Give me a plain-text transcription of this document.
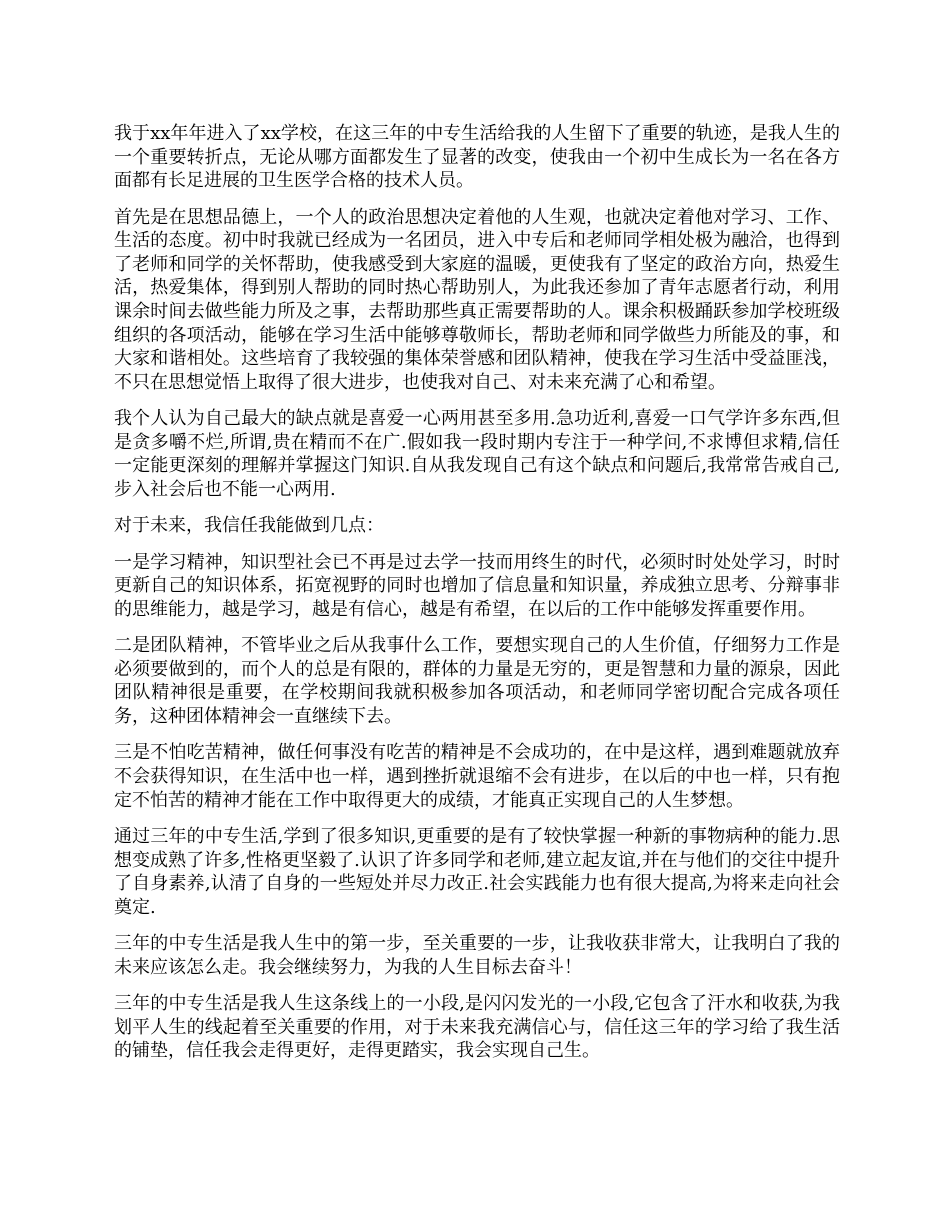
我于xx年年进入了xx学校，在这三年的中专生活给我的人生留下了重要的轨迹，是我人生的一个重要转折点，无论从哪方面都发生了显著的改变，使我由一个初中生成长为一名在各方面都有长足进展的卫生医学合格的技术人员。

首先是在思想品德上，一个人的政治思想决定着他的人生观，也就决定着他对学习、工作、生活的态度。初中时我就已经成为一名团员，进入中专后和老师同学相处极为融洽，也得到了老师和同学的关怀帮助，使我感受到大家庭的温暖，更使我有了坚定的政治方向，热爱生活，热爱集体，得到别人帮助的同时热心帮助别人，为此我还参加了青年志愿者行动，利用课余时间去做些能力所及之事，去帮助那些真正需要帮助的人。课余积极踊跃参加学校班级组织的各项活动，能够在学习生活中能够尊敬师长，帮助老师和同学做些力所能及的事，和大家和谐相处。这些培育了我较强的集体荣誉感和团队精神，使我在学习生活中受益匪浅，不只在思想觉悟上取得了很大进步，也使我对自己、对未来充满了心和希望。

我个人认为自己最大的缺点就是喜爱一心两用甚至多用.急功近利,喜爱一口气学许多东西,但是贪多嚼不烂,所谓,贵在精而不在广.假如我一段时期内专注于一种学问,不求博但求精,信任一定能更深刻的理解并掌握这门知识.自从我发现自己有这个缺点和问题后,我常常告戒自己,步入社会后也不能一心两用.

对于未来，我信任我能做到几点：

一是学习精神，知识型社会已不再是过去学一技而用终生的时代，必须时时处处学习，时时更新自己的知识体系，拓宽视野的同时也增加了信息量和知识量，养成独立思考、分辩事非的思维能力，越是学习，越是有信心，越是有希望，在以后的工作中能够发挥重要作用。

二是团队精神，不管毕业之后从我事什么工作，要想实现自己的人生价值，仔细努力工作是必须要做到的，而个人的总是有限的，群体的力量是无穷的，更是智慧和力量的源泉，因此团队精神很是重要，在学校期间我就积极参加各项活动，和老师同学密切配合完成各项任务，这种团体精神会一直继续下去。

三是不怕吃苦精神，做任何事没有吃苦的精神是不会成功的，在中是这样，遇到难题就放弃不会获得知识，在生活中也一样，遇到挫折就退缩不会有进步，在以后的中也一样，只有抱定不怕苦的精神才能在工作中取得更大的成绩，才能真正实现自己的人生梦想。

通过三年的中专生活,学到了很多知识,更重要的是有了较快掌握一种新的事物病种的能力.思想变成熟了许多,性格更坚毅了.认识了许多同学和老师,建立起友谊,并在与他们的交往中提升了自身素养,认清了自身的一些短处并尽力改正.社会实践能力也有很大提高,为将来走向社会奠定.

三年的中专生活是我人生中的第一步，至关重要的一步，让我收获非常大，让我明白了我的未来应该怎么走。我会继续努力，为我的人生目标去奋斗！

三年的中专生活是我人生这条线上的一小段,是闪闪发光的一小段,它包含了汗水和收获,为我划平人生的线起着至关重要的作用，对于未来我充满信心与，信任这三年的学习给了我生活的铺垫，信任我会走得更好，走得更踏实，我会实现自己生。
